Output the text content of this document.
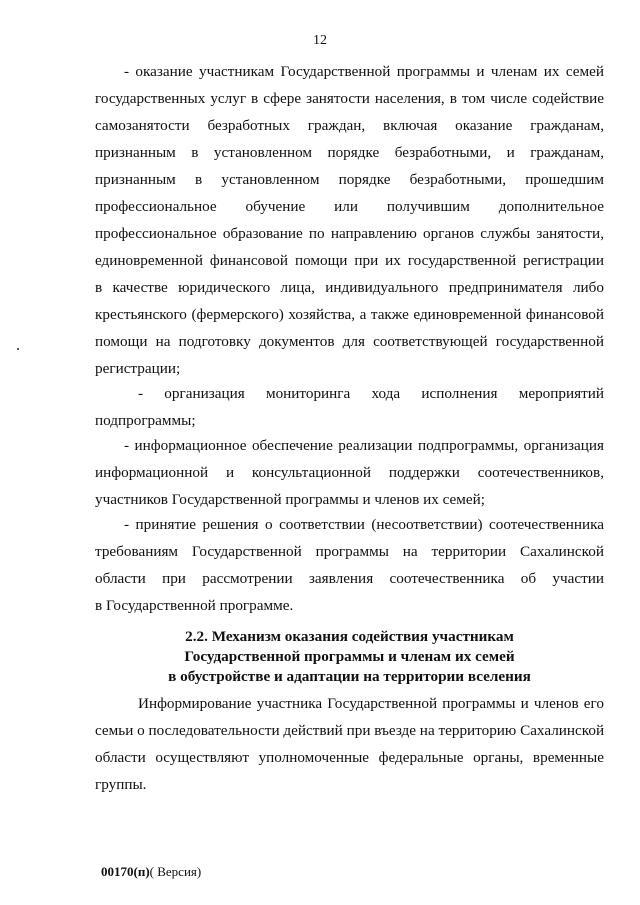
12
- оказание участникам Государственной программы и членам их семей
государственных услуг в сфере занятости населения, в том числе содействие
самозанятости безработных граждан, включая оказание гражданам,
признанным в установленном порядке безработными, и гражданам,
признанным в установленном порядке безработными, прошедшим
профессиональное обучение или получившим дополнительное
профессиональное образование по направлению органов службы занятости,
единовременной финансовой помощи при их государственной регистрации
в качестве юридического лица, индивидуального предпринимателя либо
крестьянского (фермерского) хозяйства, а также единовременной финансовой
помощи на подготовку документов для соответствующей государственной
регистрации;
- организация мониторинга хода исполнения мероприятий
подпрограммы;
- информационное обеспечение реализации подпрограммы, организация
информационной и консультационной поддержки соотечественников,
участников Государственной программы и членов их семей;
- принятие решения о соответствии (несоответствии) соотечественника
требованиям Государственной программы на территории Сахалинской
области при рассмотрении заявления соотечественника об участии
в Государственной программе.
2.2. Механизм оказания содействия участникам
Государственной программы и членам их семей
в обустройстве и адаптации на территории вселения
Информирование участника Государственной программы и членов его
семьи о последовательности действий при въезде на территорию Сахалинской
области осуществляют уполномоченные федеральные органы, временные
группы.
00170(п)( Версия)
